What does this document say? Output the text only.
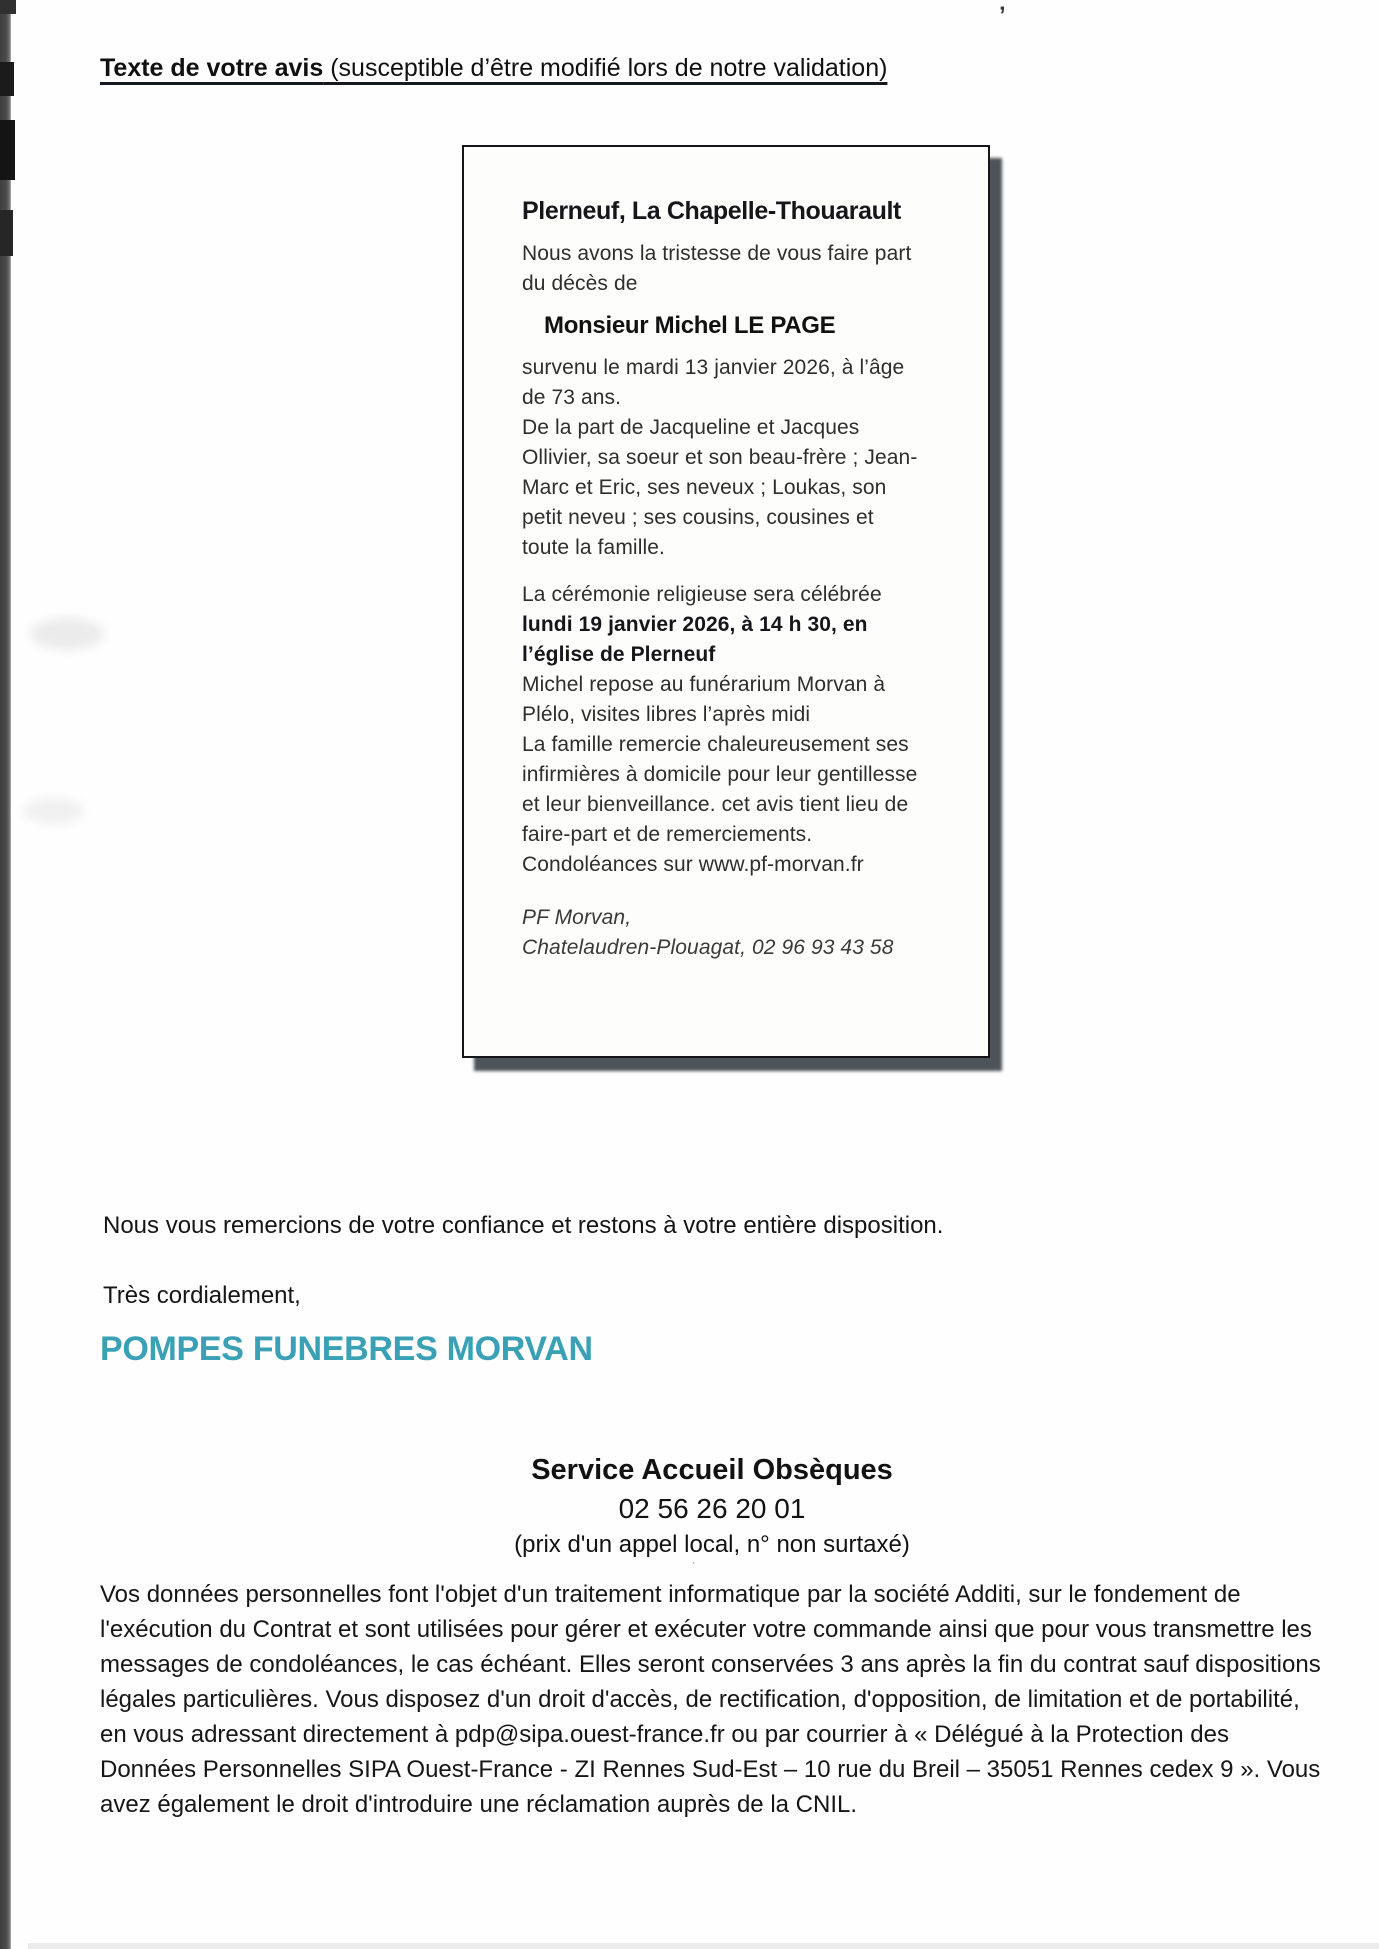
’
ˑ
Texte de votre avis (susceptible d’être modifié lors de notre validation)

Plerneuf, La Chapelle-Thouarault

Nous avons la tristesse de vous faire part du décès de

Monsieur Michel LE PAGE

survenu le mardi 13 janvier 2026, à l’âge de 73 ans.
De la part de Jacqueline et Jacques Ollivier, sa soeur et son beau-frère ; Jean-Marc et Eric, ses neveux ; Loukas, son petit neveu ; ses cousins, cousines et toute la famille.

La cérémonie religieuse sera célébrée
lundi 19 janvier 2026, à 14 h 30, en l’église de Plerneuf
Michel repose au funérarium Morvan à Plélo, visites libres l’après midi
La famille remercie chaleureusement ses infirmières à domicile pour leur gentillesse et leur bienveillance. cet avis tient lieu de faire-part et de remerciements. Condoléances sur www.pf-morvan.fr

PF Morvan,
Chatelaudren-Plouagat, 02 96 93 43 58

Nous vous remercions de votre confiance et restons à votre entière disposition.
Très cordialement,
POMPES FUNEBRES MORVAN
Service Accueil Obsèques
02 56 26 20 01
(prix d'un appel local, n° non surtaxé)
Vos données personnelles font l'objet d'un traitement informatique par la société Additi, sur le fondement de l'exécution du Contrat et sont utilisées pour gérer et exécuter votre commande ainsi que pour vous transmettre les messages de condoléances, le cas échéant. Elles seront conservées 3 ans après la fin du contrat sauf dispositions légales particulières. Vous disposez d'un droit d'accès, de rectification, d'opposition, de limitation et de portabilité, en vous adressant directement à pdp@sipa.ouest-france.fr ou par courrier à « Délégué à la Protection des Données Personnelles SIPA Ouest-France - ZI Rennes Sud-Est – 10 rue du Breil – 35051 Rennes cedex 9 ». Vous avez également le droit d'introduire une réclamation auprès de la CNIL.
